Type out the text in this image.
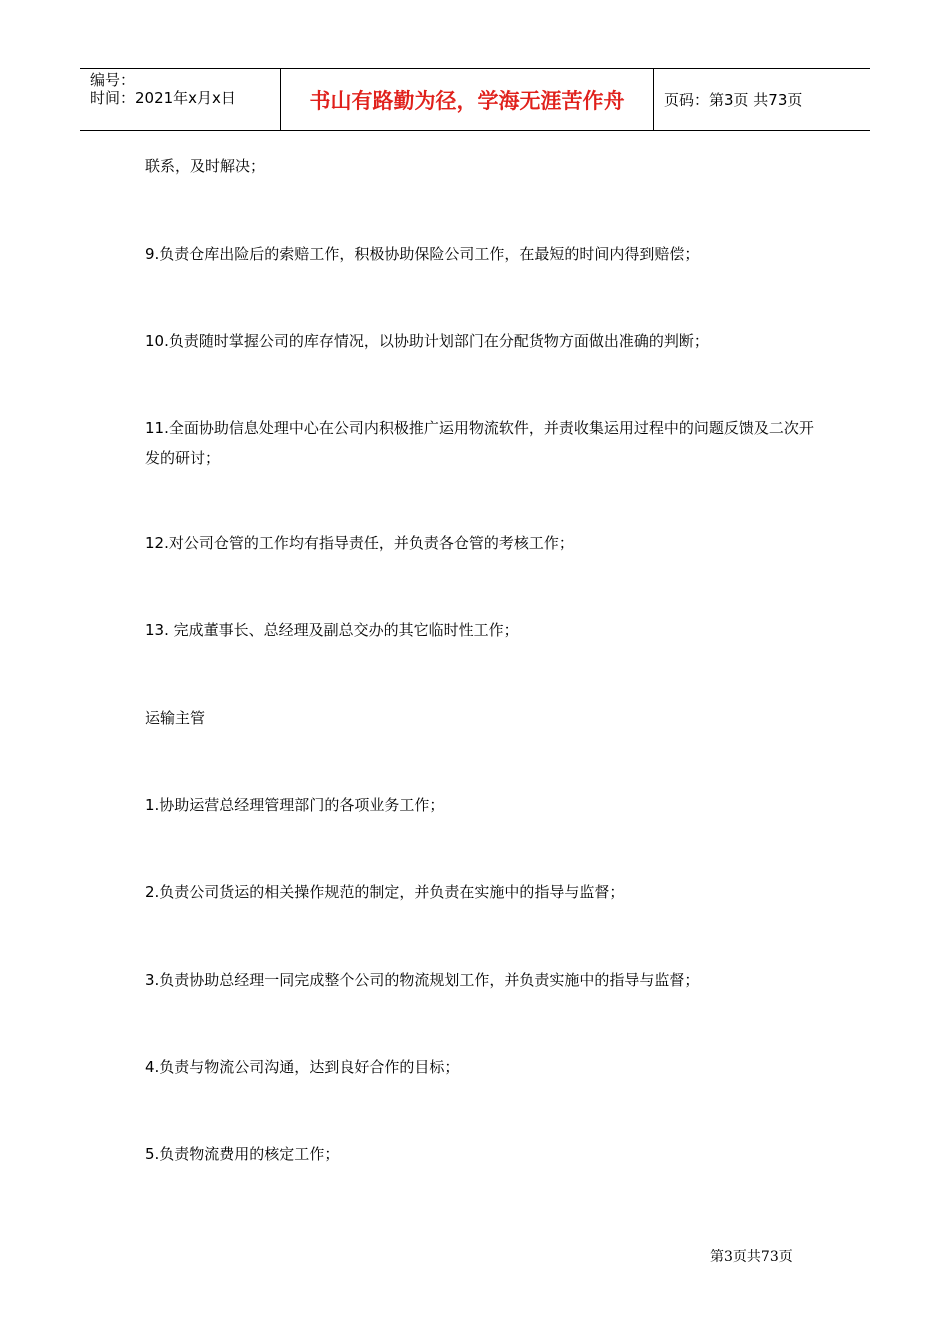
编号：
时间：2021年x月x日	书山有路勤为径，学海无涯苦作舟	页码：第3页 共73页
联系，及时解决；
9.负责仓库出险后的索赔工作，积极协助保险公司工作，在最短的时间内得到赔偿；
10.负责随时掌握公司的库存情况，以协助计划部门在分配货物方面做出准确的判断；
11.全面协助信息处理中心在公司内积极推广运用物流软件，并责收集运用过程中的问题反馈及二次开发的研讨；
12.对公司仓管的工作均有指导责任，并负责各仓管的考核工作；
13. 完成董事长、总经理及副总交办的其它临时性工作；
运输主管
1.协助运营总经理管理部门的各项业务工作；
2.负责公司货运的相关操作规范的制定，并负责在实施中的指导与监督；
3.负责协助总经理一同完成整个公司的物流规划工作，并负责实施中的指导与监督；
4.负责与物流公司沟通，达到良好合作的目标；
5.负责物流费用的核定工作；
第3页共73页
